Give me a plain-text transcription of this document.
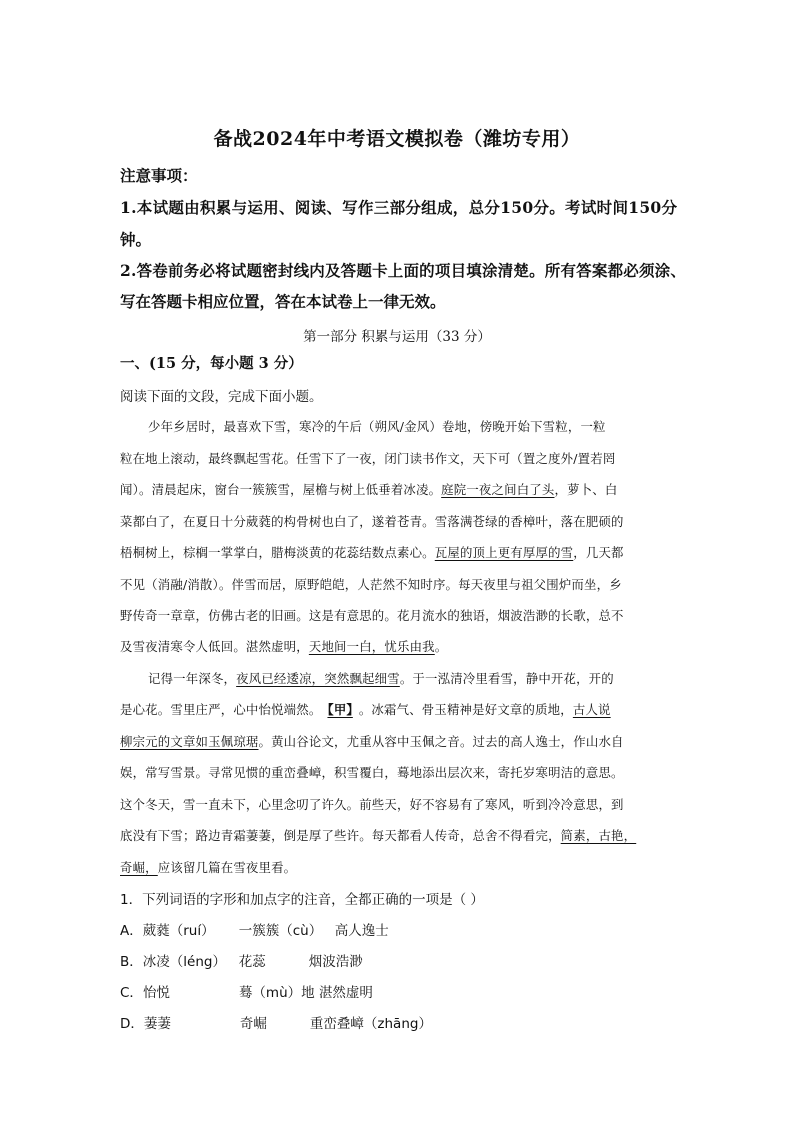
备战2024年中考语文模拟卷（潍坊专用）
注意事项：
1.本试题由积累与运用、阅读、写作三部分组成，总分150分。考试时间150分
钟。
2.答卷前务必将试题密封线内及答题卡上面的项目填涂清楚。所有答案都必须涂、
写在答题卡相应位置，答在本试卷上一律无效。
第一部分 积累与运用（33 分）
一、(15 分，每小题 3 分）
阅读下面的文段，完成下面小题。
少年乡居时，最喜欢下雪，寒冷的午后（朔风/金风）卷地，傍晚开始下雪粒，一粒
粒在地上滚动，最终飘起雪花。任雪下了一夜，闭门读书作文，天下可（置之度外/置若罔
闻）。清晨起床，窗台一簇簇雪，屋檐与树上低垂着冰凌。庭院一夜之间白了头，萝卜、白
菜都白了，在夏日十分葳蕤的构骨树也白了，遂着苍青。雪落满苍绿的香樟叶，落在肥硕的
梧桐树上，棕榈一掌掌白，腊梅淡黄的花蕊结数点素心。瓦屋的顶上更有厚厚的雪，几天都
不见（消融/消散）。伴雪而居，原野皑皑，人茫然不知时序。每天夜里与祖父围炉而坐，乡
野传奇一章章，仿佛古老的旧画。这是有意思的。花月流水的独语，烟波浩渺的长歌，总不
及雪夜清寒令人低回。湛然虚明，天地间一白，忧乐由我。
记得一年深冬，夜风已经逶凉，突然飘起细雪。于一泓清冷里看雪，静中开花，开的
是心花。雪里庄严，心中怡悦端然。 【甲】 。冰霜气、骨玉精神是好文章的质地，古人说
柳宗元的文章如玉佩琼琚。黄山谷论文，尤重从容中玉佩之音。过去的高人逸士，作山水自
娱，常写雪景。寻常见惯的重峦叠嶂，积雪覆白，蓦地添出层次来，寄托岁寒明洁的意思。
这个冬天，雪一直未下，心里念叨了许久。前些天，好不容易有了寒风，听到冷冷意思，到
底没有下雪；路边青霜萋萋，倒是厚了些许。每天都看人传奇，总舍不得看完，简素，古艳，
奇崛，应该留几篇在雪夜里看。
1．下列词语的字形和加点字的注音，全都正确的一项是（ ）
A．葳蕤（ruí） 一簇簇（cù） 高人逸士
B．冰凌（léng） 花蕊	烟波浩渺
C．怡悦	蓦（mù）地 湛然虚明
D．萋萋	奇崛	重峦叠嶂（zhāng）
